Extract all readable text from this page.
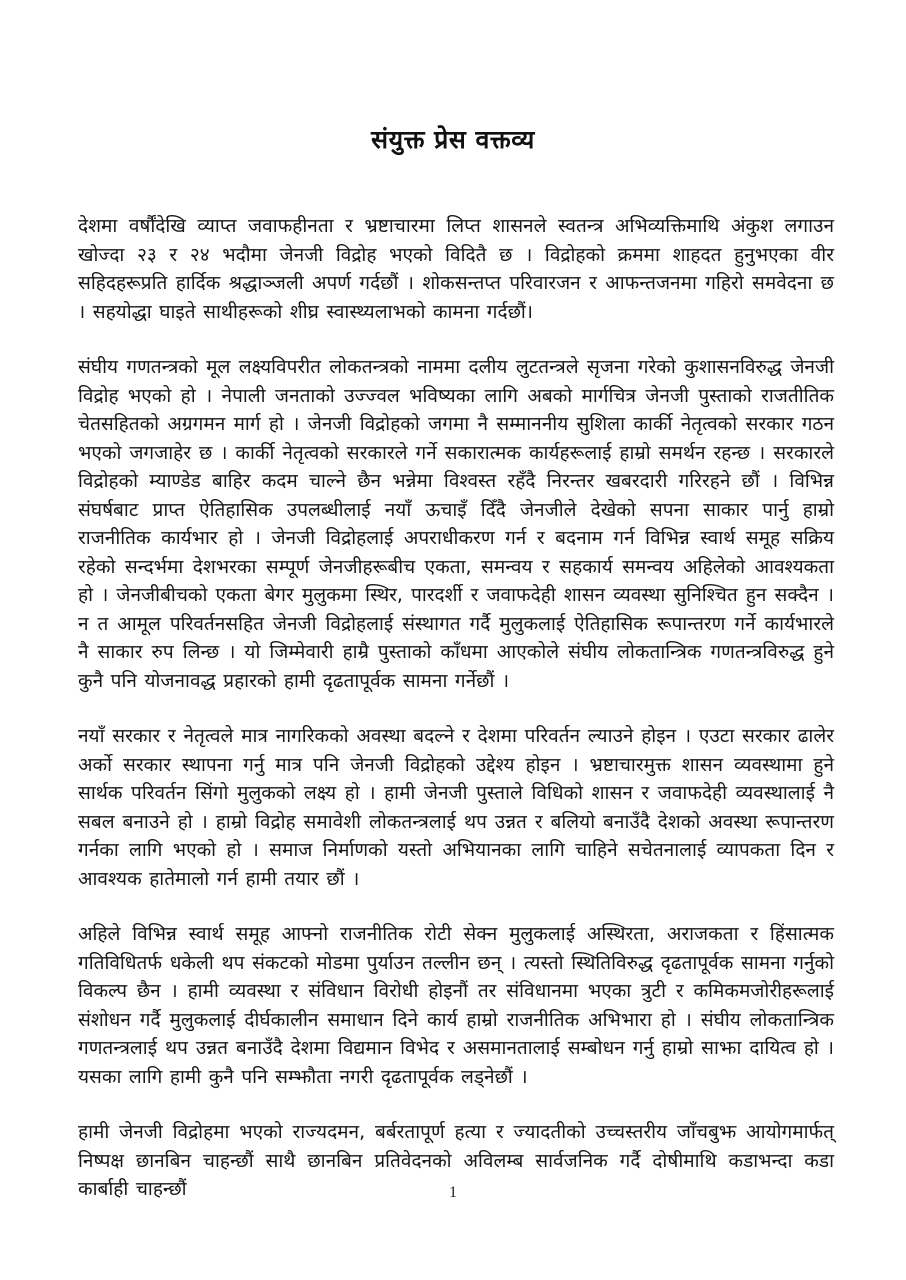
संयुक्त प्रेस वक्तव्य

देशमा वर्षौंदेखि व्याप्त जवाफहीनता र भ्रष्टाचारमा लिप्त शासनले स्वतन्त्र अभिव्यक्तिमाथि अंकुश लगाउन खोज्दा २३ र २४ भदौमा जेनजी विद्रोह भएको विदितै छ । विद्रोहको क्रममा शाहदत हुनुभएका वीर सहिदहरूप्रति हार्दिक श्रद्धाञ्जली अपर्ण गर्दछौं । शोकसन्तप्त परिवारजन र आफन्तजनमा गहिरो समवेदना छ । सहयोद्धा घाइते साथीहरूको शीघ्र स्वास्थ्यलाभको कामना गर्दछौं।

संघीय गणतन्त्रको मूल लक्ष्यविपरीत लोकतन्त्रको नाममा दलीय लुटतन्त्रले सृजना गरेको कुशासनविरुद्ध जेनजी विद्रोह भएको हो । नेपाली जनताको उज्ज्वल भविष्यका लागि अबको मार्गचित्र जेनजी पुस्ताको राजतीतिक चेतसहितको अग्रगमन मार्ग हो । जेनजी विद्रोहको जगमा नै सम्माननीय सुशिला कार्की नेतृत्वको सरकार गठन भएको जगजाहेर छ । कार्की नेतृत्वको सरकारले गर्ने सकारात्मक कार्यहरूलाई हाम्रो समर्थन रहन्छ । सरकारले विद्रोहको म्याण्डेड बाहिर कदम चाल्ने छैन भन्नेमा विश्वस्त रहँदै निरन्तर खबरदारी गरिरहने छौं । विभिन्न संघर्षबाट प्राप्त ऐतिहासिक उपलब्धीलाई नयाँ ऊचाइँ दिँदै जेनजीले देखेको सपना साकार पार्नु हाम्रो राजनीतिक कार्यभार हो । जेनजी विद्रोहलाई अपराधीकरण गर्न र बदनाम गर्न विभिन्न स्वार्थ समूह सक्रिय रहेको सन्दर्भमा देशभरका सम्पूर्ण जेनजीहरूबीच एकता, समन्वय र सहकार्य समन्वय अहिलेको आवश्यकता हो । जेनजीबीचको एकता बेगर मुलुकमा स्थिर, पारदर्शी र जवाफदेही शासन व्यवस्था सुनिश्चित हुन सक्दैन । न त आमूल परिवर्तनसहित जेनजी विद्रोहलाई संस्थागत गर्दै मुलुकलाई ऐतिहासिक रूपान्तरण गर्ने कार्यभारले नै साकार रुप लिन्छ । यो जिम्मेवारी हाम्रै पुस्ताको काँधमा आएकोले संघीय लोकतान्त्रिक गणतन्त्रविरुद्ध हुने कुनै पनि योजनावद्ध प्रहारको हामी दृढतापूर्वक सामना गर्नेछौं ।

नयाँ सरकार र नेतृत्वले मात्र नागरिकको अवस्था बदल्ने र देशमा परिवर्तन ल्याउने होइन । एउटा सरकार ढालेर अर्को सरकार स्थापना गर्नु मात्र पनि जेनजी विद्रोहको उद्देश्य होइन । भ्रष्टाचारमुक्त शासन व्यवस्थामा हुने सार्थक परिवर्तन सिंगो मुलुकको लक्ष्य हो । हामी जेनजी पुस्ताले विधिको शासन र जवाफदेही व्यवस्थालाई नै सबल बनाउने हो । हाम्रो विद्रोह समावेशी लोकतन्त्रलाई थप उन्नत र बलियो बनाउँदै देशको अवस्था रूपान्तरण गर्नका लागि भएको हो । समाज निर्माणको यस्तो अभियानका लागि चाहिने सचेतनालाई व्यापकता दिन र आवश्यक हातेमालो गर्न हामी तयार छौं ।

अहिले विभिन्न स्वार्थ समूह आफ्नो राजनीतिक रोटी सेक्न मुलुकलाई अस्थिरता, अराजकता र हिंसात्मक गतिविधितर्फ धकेली थप संकटको मोडमा पुर्याउन तल्लीन छन् । त्यस्तो स्थितिविरुद्ध दृढतापूर्वक सामना गर्नुको विकल्प छैन । हामी व्यवस्था र संविधान विरोधी होइनौं तर संविधानमा भएका त्रुटी र कमिकमजोरीहरूलाई संशोधन गर्दै मुलुकलाई दीर्घकालीन समाधान दिने कार्य हाम्रो राजनीतिक अभिभारा हो । संघीय लोकतान्त्रिक गणतन्त्रलाई थप उन्नत बनाउँदै देशमा विद्यमान विभेद र असमानतालाई सम्बोधन गर्नु हाम्रो साझा दायित्व हो । यसका लागि हामी कुनै पनि सम्झौता नगरी दृढतापूर्वक लड्नेछौं ।

हामी जेनजी विद्रोहमा भएको राज्यदमन, बर्बरतापूर्ण हत्या र ज्यादतीको उच्चस्तरीय जाँचबुझ आयोगमार्फत् निष्पक्ष छानबिन चाहन्छौं साथै छानबिन प्रतिवेदनको अविलम्ब सार्वजनिक गर्दै दोषीमाथि कडाभन्दा कडा कार्बाही चाहन्छौं	1
